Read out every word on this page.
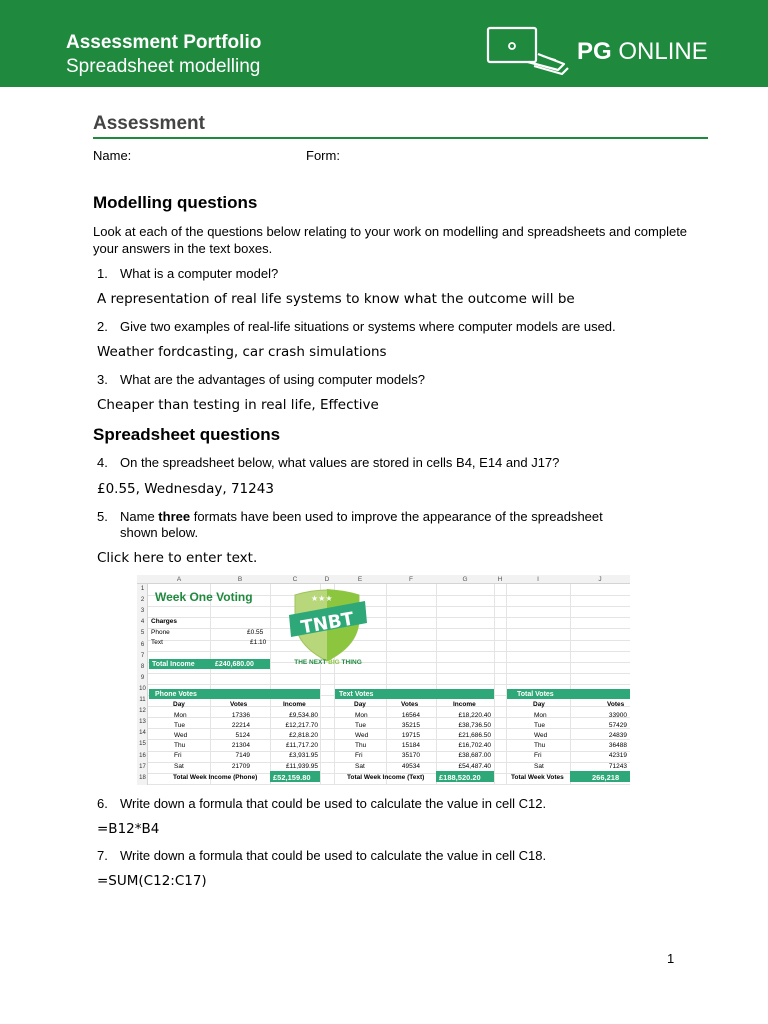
Assessment Portfolio
Spreadsheet modelling
PG ONLINE
Assessment
Name:	Form:
Modelling questions
Look at each of the questions below relating to your work on modelling and spreadsheets and complete your answers in the text boxes.
1. What is a computer model?
A representation of real life systems to know what the outcome will be
2. Give two examples of real-life situations or systems where computer models are used.
Weather fordcasting, car crash simulations
3. What are the advantages of using computer models?
Cheaper than testing in real life, Effective
Spreadsheet questions
4. On the spreadsheet below, what values are stored in cells B4, E14 and J17?
£0.55, Wednesday, 71243
5. Name three formats have been used to improve the appearance of the spreadsheet
shown below.
Click here to enter text.
A	B	C	D	E	F	G	H	I	J
1
2
3
4
5
6
7
8
9
10
11
12
13
14
15
16
17
18
Week One Voting
Charges
Phone	£0.55
Text	£1.10
Total Income	£240,680.00
TNBT
★★★
THE NEXT BIG THING
Phone Votes	Text Votes	Total Votes
Day	Votes	Income	Day	Votes	Income	Day	Votes
Mon	17336	£9,534.80	Mon	16564	£18,220.40	Mon	33900
Tue	22214	£12,217.70	Tue	35215	£38,736.50	Tue	57429
Wed	5124	£2,818.20	Wed	19715	£21,686.50	Wed	24839
Thu	21304	£11,717.20	Thu	15184	£16,702.40	Thu	36488
Fri	7149	£3,931.95	Fri	35170	£38,687.00	Fri	42319
Sat	21709	£11,939.95	Sat	49534	£54,487.40	Sat	71243
Total Week Income (Phone) £52,159.80	Total Week Income (Text) £188,520.20	Total Week Votes	266,218
6. Write down a formula that could be used to calculate the value in cell C12.
=B12*B4
7. Write down a formula that could be used to calculate the value in cell C18.
=SUM(C12:C17)
1
